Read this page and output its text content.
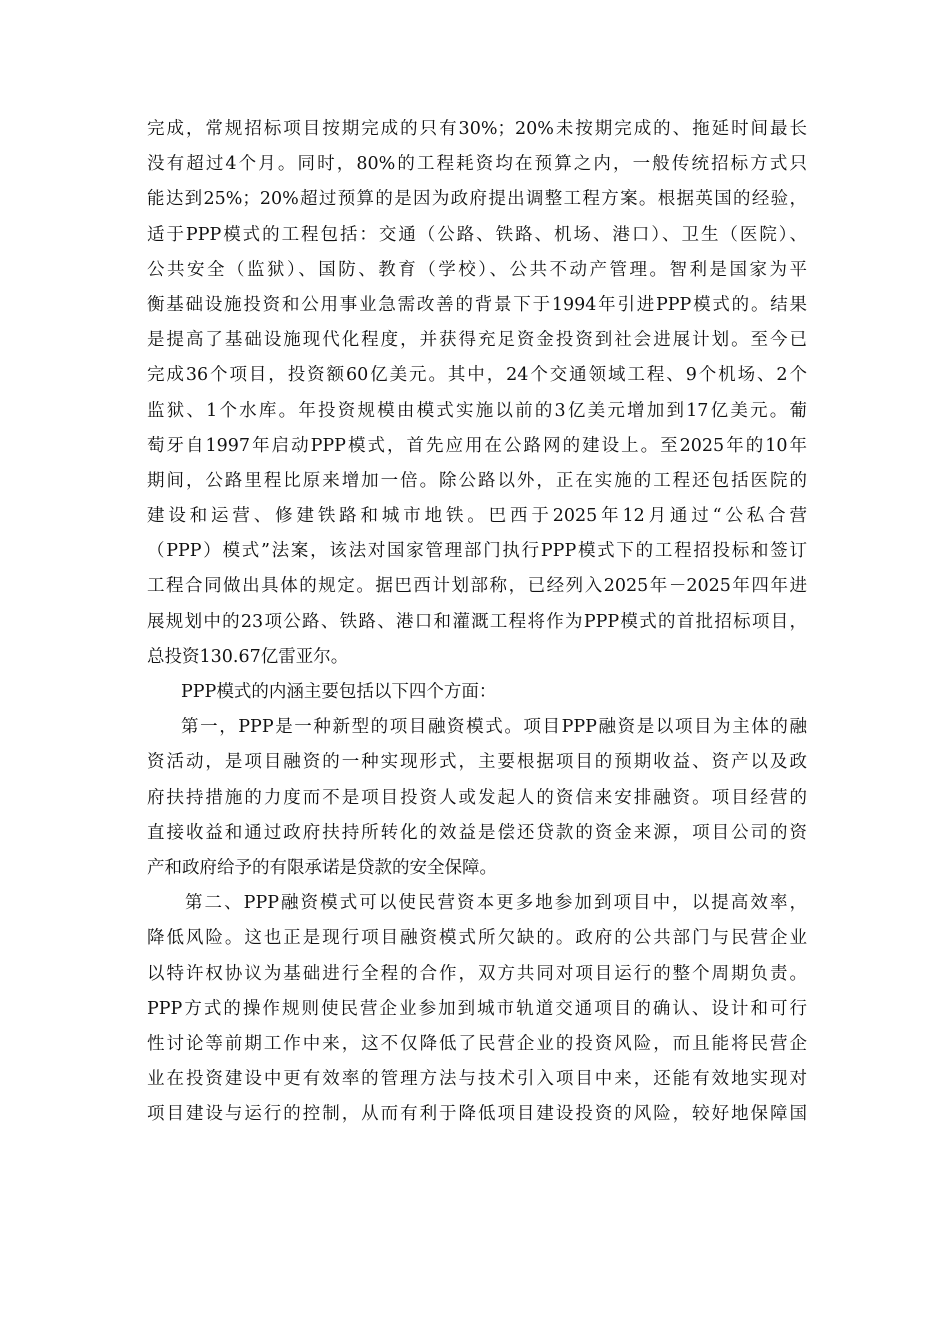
完成，常规招标项目按期完成的只有30%；20%未按期完成的、拖延时间最长
没有超过4个月。同时，80%的工程耗资均在预算之内，一般传统招标方式只
能达到25%；20%超过预算的是因为政府提出调整工程方案。根据英国的经验，
适于PPP模式的工程包括：交通（公路、铁路、机场、港口）、卫生（医院）、
公共安全（监狱）、国防、教育（学校）、公共不动产管理。智利是国家为平
衡基础设施投资和公用事业急需改善的背景下于1994年引进PPP模式的。结果
是提高了基础设施现代化程度，并获得充足资金投资到社会进展计划。至今已
完成36个项目，投资额60亿美元。其中，24个交通领域工程、9个机场、2个
监狱、1个水库。年投资规模由模式实施以前的3亿美元增加到17亿美元。葡
萄牙自1997年启动PPP模式，首先应用在公路网的建设上。至2025年的10年
期间，公路里程比原来增加一倍。除公路以外，正在实施的工程还包括医院的
建设和运营、修建铁路和城市地铁。巴西于2025年12月通过“公私合营
（PPP）模式”法案，该法对国家管理部门执行PPP模式下的工程招投标和签订
工程合同做出具体的规定。据巴西计划部称，已经列入2025年－2025年四年进
展规划中的23项公路、铁路、港口和灌溉工程将作为PPP模式的首批招标项目，
总投资130.67亿雷亚尔。
PPP模式的内涵主要包括以下四个方面：
第一，PPP是一种新型的项目融资模式。项目PPP融资是以项目为主体的融
资活动，是项目融资的一种实现形式，主要根据项目的预期收益、资产以及政
府扶持措施的力度而不是项目投资人或发起人的资信来安排融资。项目经营的
直接收益和通过政府扶持所转化的效益是偿还贷款的资金来源，项目公司的资
产和政府给予的有限承诺是贷款的安全保障。
第二、PPP融资模式可以使民营资本更多地参加到项目中，以提高效率，
降低风险。这也正是现行项目融资模式所欠缺的。政府的公共部门与民营企业
以特许权协议为基础进行全程的合作，双方共同对项目运行的整个周期负责。
PPP方式的操作规则使民营企业参加到城市轨道交通项目的确认、设计和可行
性讨论等前期工作中来，这不仅降低了民营企业的投资风险，而且能将民营企
业在投资建设中更有效率的管理方法与技术引入项目中来，还能有效地实现对
项目建设与运行的控制，从而有利于降低项目建设投资的风险，较好地保障国
